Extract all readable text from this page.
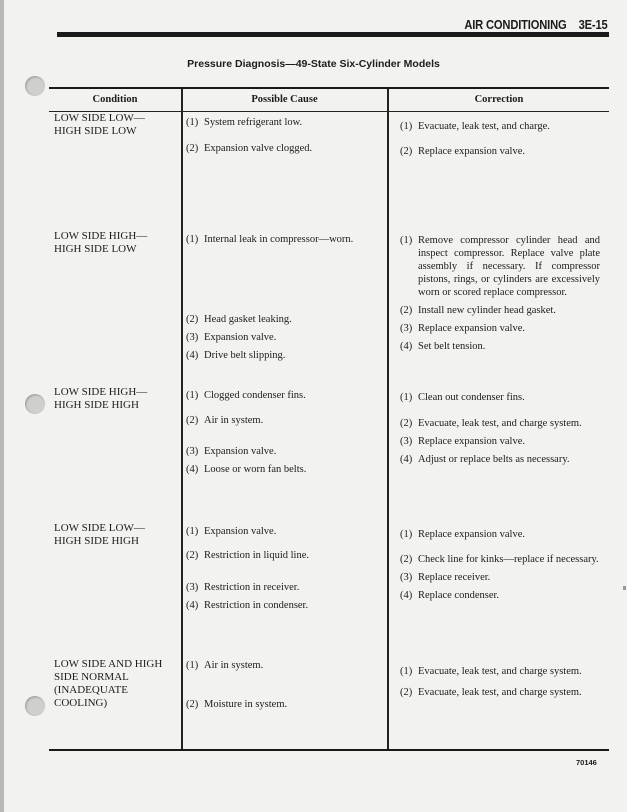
AIR CONDITIONING 3E-15
Pressure Diagnosis—49-State Six-Cylinder Models
Condition	Possible Cause	Correction
LOW SIDE LOW—
HIGH SIDE LOW
(1) System refrigerant low.
(2) Expansion valve clogged.
(1) Evacuate, leak test, and charge.
(2) Replace expansion valve.
LOW SIDE HIGH—
HIGH SIDE LOW
(1) Internal leak in compressor—worn.
(2) Head gasket leaking.
(3) Expansion valve.
(4) Drive belt slipping.
(1) Remove compressor cylinder head and inspect compressor. Replace valve plate assembly if necessary. If compressor pistons, rings, or cylinders are excessively worn or scored replace compressor.
(2) Install new cylinder head gasket.
(3) Replace expansion valve.
(4) Set belt tension.
LOW SIDE HIGH—
HIGH SIDE HIGH
(1) Clogged condenser fins.
(2) Air in system.
(3) Expansion valve.
(4) Loose or worn fan belts.
(1) Clean out condenser fins.
(2) Evacuate, leak test, and charge system.
(3) Replace expansion valve.
(4) Adjust or replace belts as necessary.
LOW SIDE LOW—
HIGH SIDE HIGH
(1) Expansion valve.
(2) Restriction in liquid line.
(3) Restriction in receiver.
(4) Restriction in condenser.
(1) Replace expansion valve.
(2) Check line for kinks—replace if necessary.
(3) Replace receiver.
(4) Replace condenser.
LOW SIDE AND HIGH
SIDE NORMAL
(INADEQUATE
COOLING)
(1) Air in system.
(2) Moisture in system.
(1) Evacuate, leak test, and charge system.
(2) Evacuate, leak test, and charge system.
70146
